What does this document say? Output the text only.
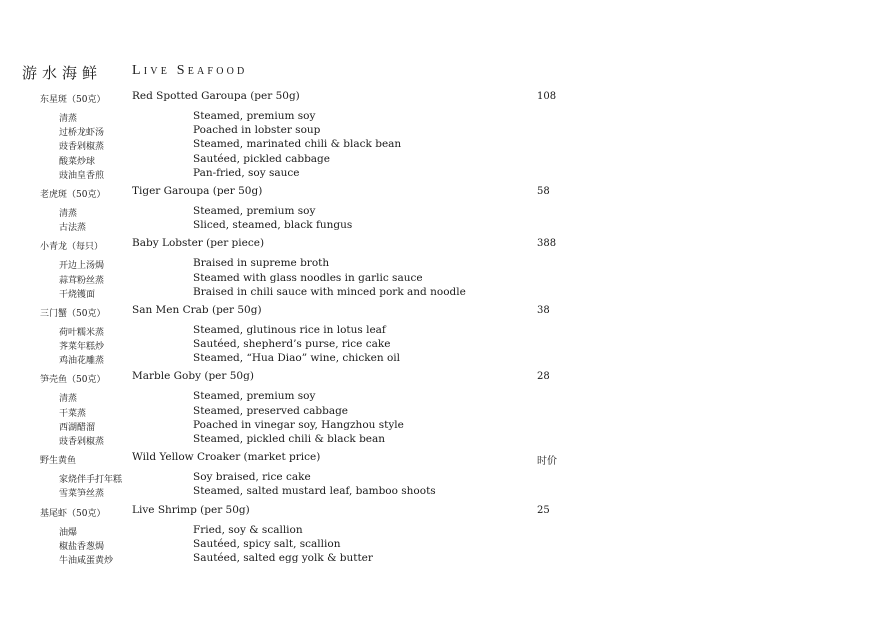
游水海鲜 Live Seafood
东星斑（50克）	Red Spotted Garoupa (per 50g)	108
清蒸	Steamed, premium soy
过桥龙虾汤	Poached in lobster soup
豉香剁椒蒸	Steamed, marinated chili & black bean
酸菜炒球	Sautéed, pickled cabbage
豉油皇香煎	Pan-fried, soy sauce
老虎斑（50克）	Tiger Garoupa (per 50g)	58
清蒸	Steamed, premium soy
古法蒸	Sliced, steamed, black fungus
小青龙（每只）	Baby Lobster (per piece)	388
开边上汤焗	Braised in supreme broth
蒜茸粉丝蒸	Steamed with glass noodles in garlic sauce
干烧镬面	Braised in chili sauce with minced pork and noodle
三门蟹（50克）	San Men Crab (per 50g)	38
荷叶糯米蒸	Steamed, glutinous rice in lotus leaf
荠菜年糕炒	Sautéed, shepherd’s purse, rice cake
鸡油花雕蒸	Steamed, “Hua Diao” wine, chicken oil
笋壳鱼（50克）	Marble Goby (per 50g)	28
清蒸	Steamed, premium soy
干菜蒸	Steamed, preserved cabbage
西湖醋溜	Poached in vinegar soy, Hangzhou style
豉香剁椒蒸	Steamed, pickled chili & black bean
野生黄鱼	Wild Yellow Croaker (market price)	时价
家烧伴手打年糕	Soy braised, rice cake
雪菜笋丝蒸	Steamed, salted mustard leaf, bamboo shoots
基尾虾（50克）	Live Shrimp (per 50g)	25
油爆	Fried, soy & scallion
椒盐香葱焗	Sautéed, spicy salt, scallion
牛油咸蛋黄炒	Sautéed, salted egg yolk & butter
